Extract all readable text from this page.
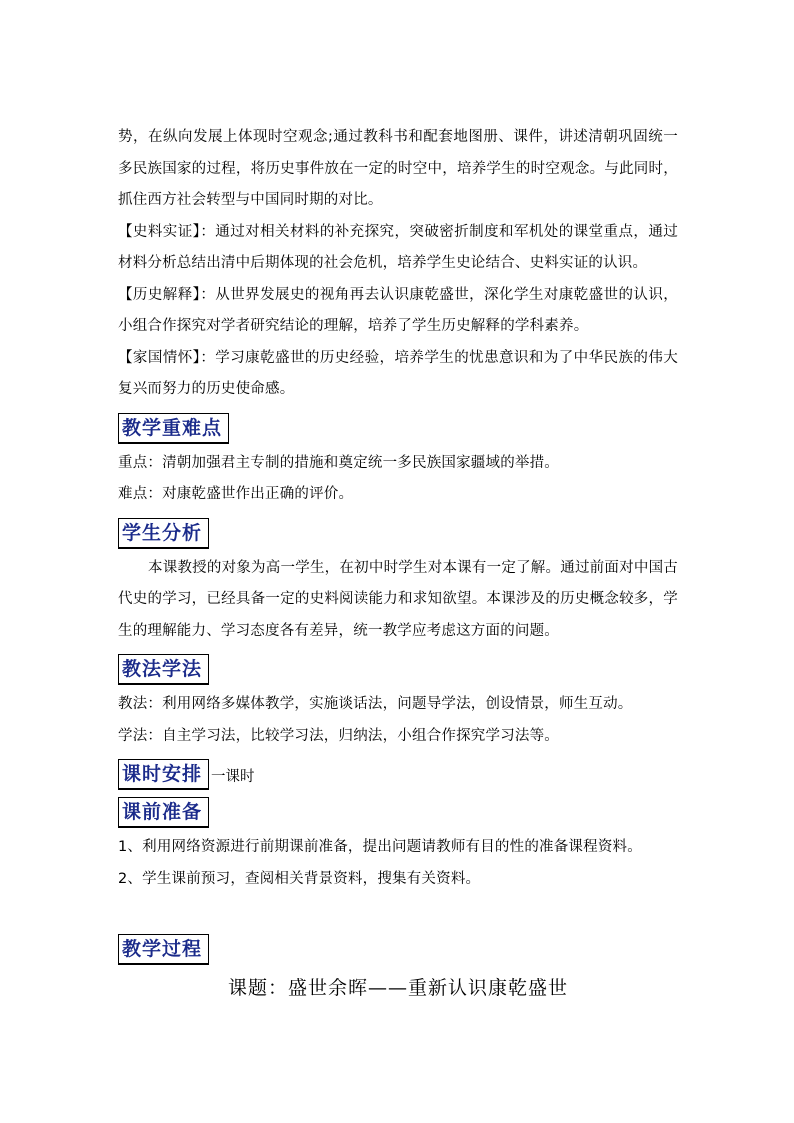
势，在纵向发展上体现时空观念;通过教科书和配套地图册、课件，讲述清朝巩固统一多民族国家的过程，将历史事件放在一定的时空中，培养学生的时空观念。与此同时，抓住西方社会转型与中国同时期的对比。

【史料实证】：通过对相关材料的补充探究，突破密折制度和军机处的课堂重点，通过材料分析总结出清中后期体现的社会危机，培养学生史论结合、史料实证的认识。

【历史解释】：从世界发展史的视角再去认识康乾盛世，深化学生对康乾盛世的认识，小组合作探究对学者研究结论的理解，培养了学生历史解释的学科素养。

【家国情怀】：学习康乾盛世的历史经验，培养学生的忧患意识和为了中华民族的伟大复兴而努力的历史使命感。

教学重难点

重点：清朝加强君主专制的措施和奠定统一多民族国家疆域的举措。

难点：对康乾盛世作出正确的评价。

学生分析

本课教授的对象为高一学生，在初中时学生对本课有一定了解。通过前面对中国古代史的学习，已经具备一定的史料阅读能力和求知欲望。本课涉及的历史概念较多，学生的理解能力、学习态度各有差异，统一教学应考虑这方面的问题。

教法学法

教法：利用网络多媒体教学，实施谈话法，问题导学法，创设情景，师生互动。

学法：自主学习法，比较学习法，归纳法，小组合作探究学习法等。

课时安排 一课时
课前准备

1、利用网络资源进行前期课前准备，提出问题请教师有目的性的准备课程资料。

2、学生课前预习，查阅相关背景资料，搜集有关资料。

教学过程
课题：盛世余晖——重新认识康乾盛世
